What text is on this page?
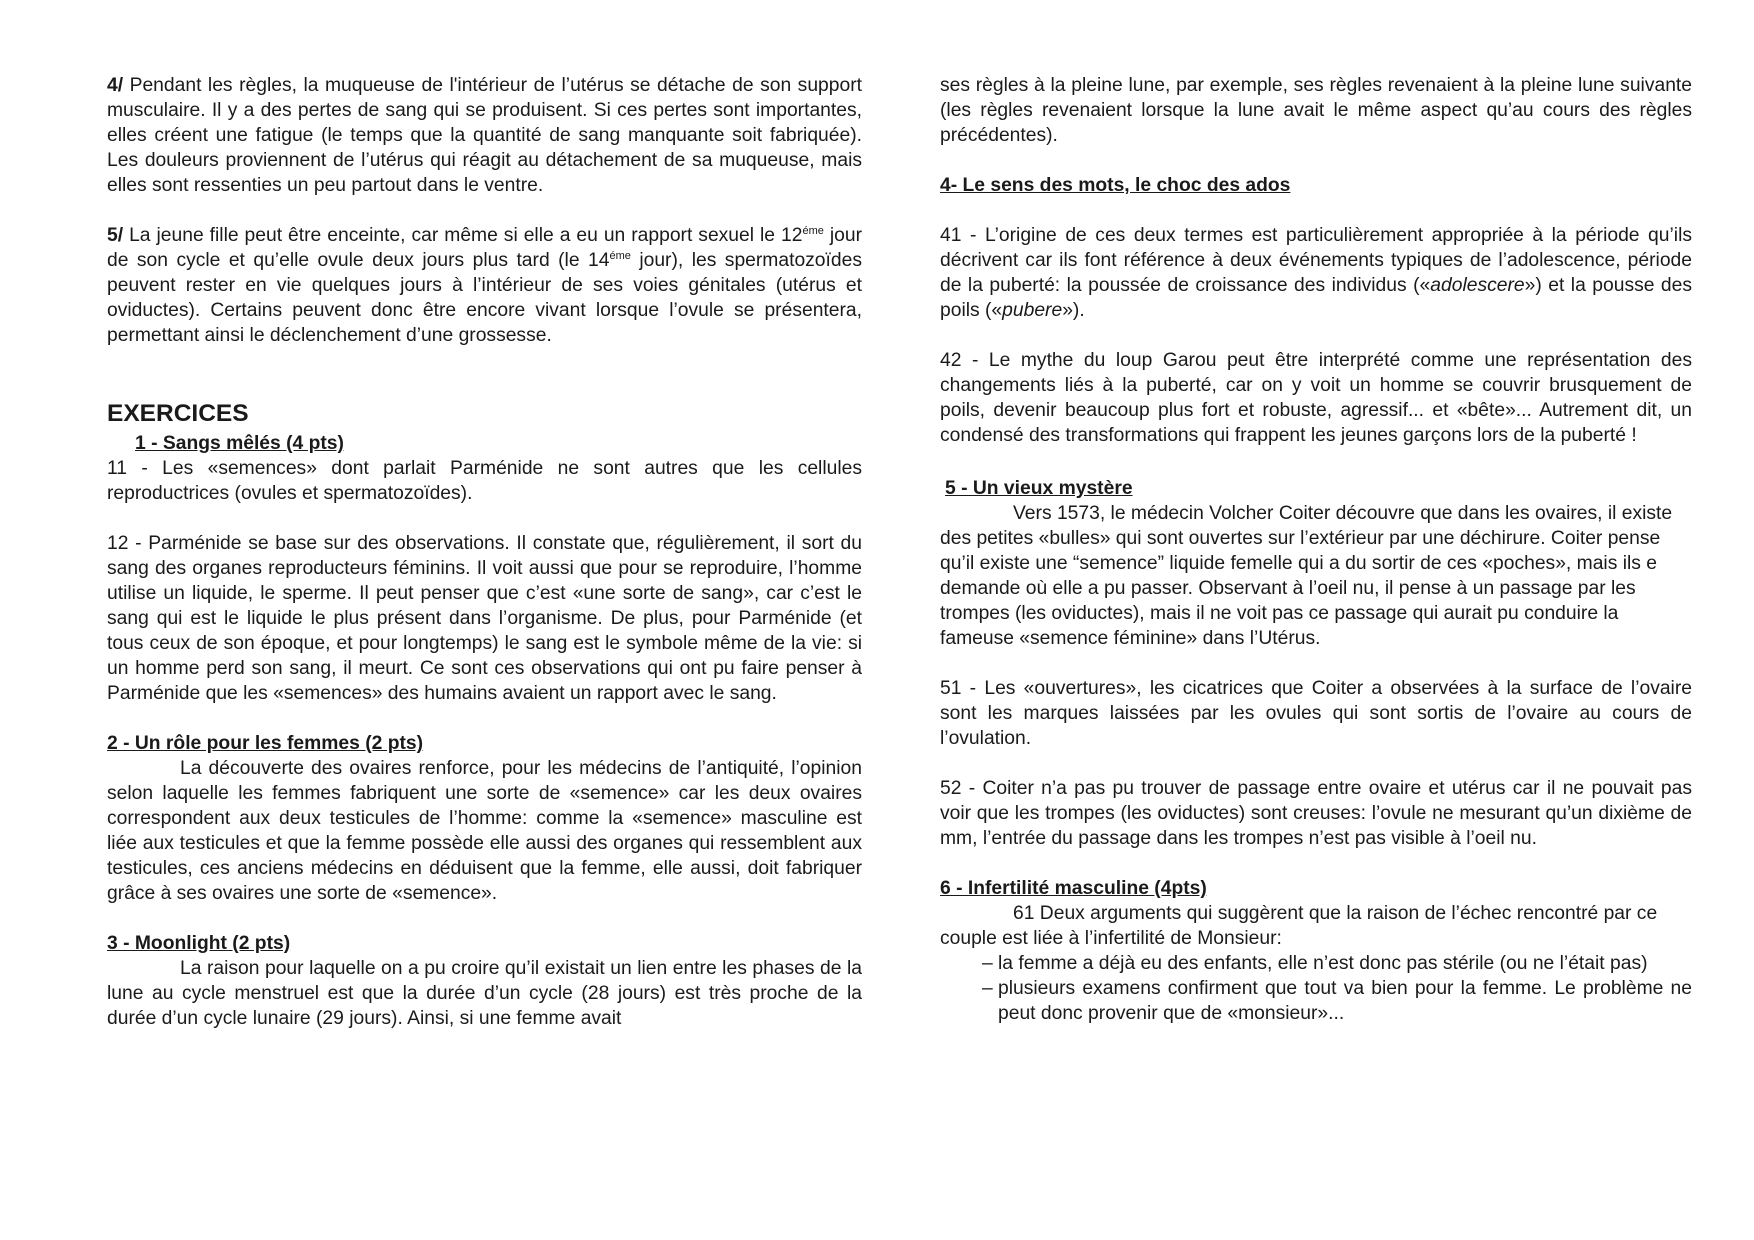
4/ Pendant les règles, la muqueuse de l'intérieur de l’utérus se détache de son support musculaire. Il y a des pertes de sang qui se produisent. Si ces pertes sont importantes, elles créent une fatigue (le temps que la quantité de sang manquante soit fabriquée). Les douleurs proviennent de l’utérus qui réagit au détachement de sa muqueuse, mais elles sont ressenties un peu partout dans le ventre.

5/ La jeune fille peut être enceinte, car même si elle a eu un rapport sexuel le $12^{éme}$ jour de son cycle et qu’elle ovule deux jours plus tard (le $14^{éme}$ jour), les spermatozoïdes peuvent rester en vie quelques jours à l’intérieur de ses voies génitales (utérus et oviductes). Certains peuvent donc être encore vivant lorsque l’ovule se présentera, permettant ainsi le déclenchement d’une grossesse.

EXERCICES
1 - Sangs mêlés (4 pts)

11 - Les «semences» dont parlait Parménide ne sont autres que les cellules reproductrices (ovules et spermatozoïdes).

12 - Parménide se base sur des observations. Il constate que, régulièrement, il sort du sang des organes reproducteurs féminins. Il voit aussi que pour se reproduire, l’homme utilise un liquide, le sperme. Il peut penser que c’est «une sorte de sang», car c’est le sang qui est le liquide le plus présent dans l’organisme. De plus, pour Parménide (et tous ceux de son époque, et pour longtemps) le sang est le symbole même de la vie: si un homme perd son sang, il meurt. Ce sont ces observations qui ont pu faire penser à Parménide que les «semences» des humains avaient un rapport avec le sang.

2 - Un rôle pour les femmes (2 pts)

La découverte des ovaires renforce, pour les médecins de l’antiquité, l’opinion selon laquelle les femmes fabriquent une sorte de «semence» car les deux ovaires correspondent aux deux testicules de l’homme: comme la «semence» masculine est liée aux testicules et que la femme possède elle aussi des organes qui ressemblent aux testicules, ces anciens médecins en déduisent que la femme, elle aussi, doit fabriquer grâce à ses ovaires une sorte de «semence».

3 - Moonlight (2 pts)

La raison pour laquelle on a pu croire qu’il existait un lien entre les phases de la lune au cycle menstruel est que la durée d’un cycle (28 jours) est très proche de la durée d’un cycle lunaire (29 jours). Ainsi, si une femme avait

ses règles à la pleine lune, par exemple, ses règles revenaient à la pleine lune suivante (les règles revenaient lorsque la lune avait le même aspect qu’au cours des règles précédentes).

4- Le sens des mots, le choc des ados

41 - L’origine de ces deux termes est particulièrement appropriée à la période qu’ils décrivent car ils font référence à deux événements typiques de l’adolescence, période de la puberté: la poussée de croissance des individus («adolescere») et la pousse des poils («pubere»).

42 - Le mythe du loup Garou peut être interprété comme une représentation des changements liés à la puberté, car on y voit un homme se couvrir brusquement de poils, devenir beaucoup plus fort et robuste, agressif... et «bête»... Autrement dit, un condensé des transformations qui frappent les jeunes garçons lors de la puberté !

5 - Un vieux mystère

Vers 1573, le médecin Volcher Coiter découvre que dans les ovaires, il existe des petites «bulles» qui sont ouvertes sur l’extérieur par une déchirure. Coiter pense qu’il existe une “semence” liquide femelle qui a du sortir de ces «poches», mais ils e demande où elle a pu passer. Observant à l’oeil nu, il pense à un passage par les trompes (les oviductes), mais il ne voit pas ce passage qui aurait pu conduire la fameuse «semence féminine» dans l’Utérus.

51 - Les «ouvertures», les cicatrices que Coiter a observées à la surface de l’ovaire sont les marques laissées par les ovules qui sont sortis de l’ovaire au cours de l’ovulation.

52 - Coiter n’a pas pu trouver de passage entre ovaire et utérus car il ne pouvait pas voir que les trompes (les oviductes) sont creuses: l’ovule ne mesurant qu’un dixième de mm, l’entrée du passage dans les trompes n’est pas visible à l’oeil nu.

6 - Infertilité masculine (4pts)

61 Deux arguments qui suggèrent que la raison de l’échec rencontré par ce couple est liée à l’infertilité de Monsieur:

– la femme a déjà eu des enfants, elle n’est donc pas stérile (ou ne l’était pas)
– plusieurs examens confirment que tout va bien pour la femme. Le problème ne peut donc provenir que de «monsieur»...
